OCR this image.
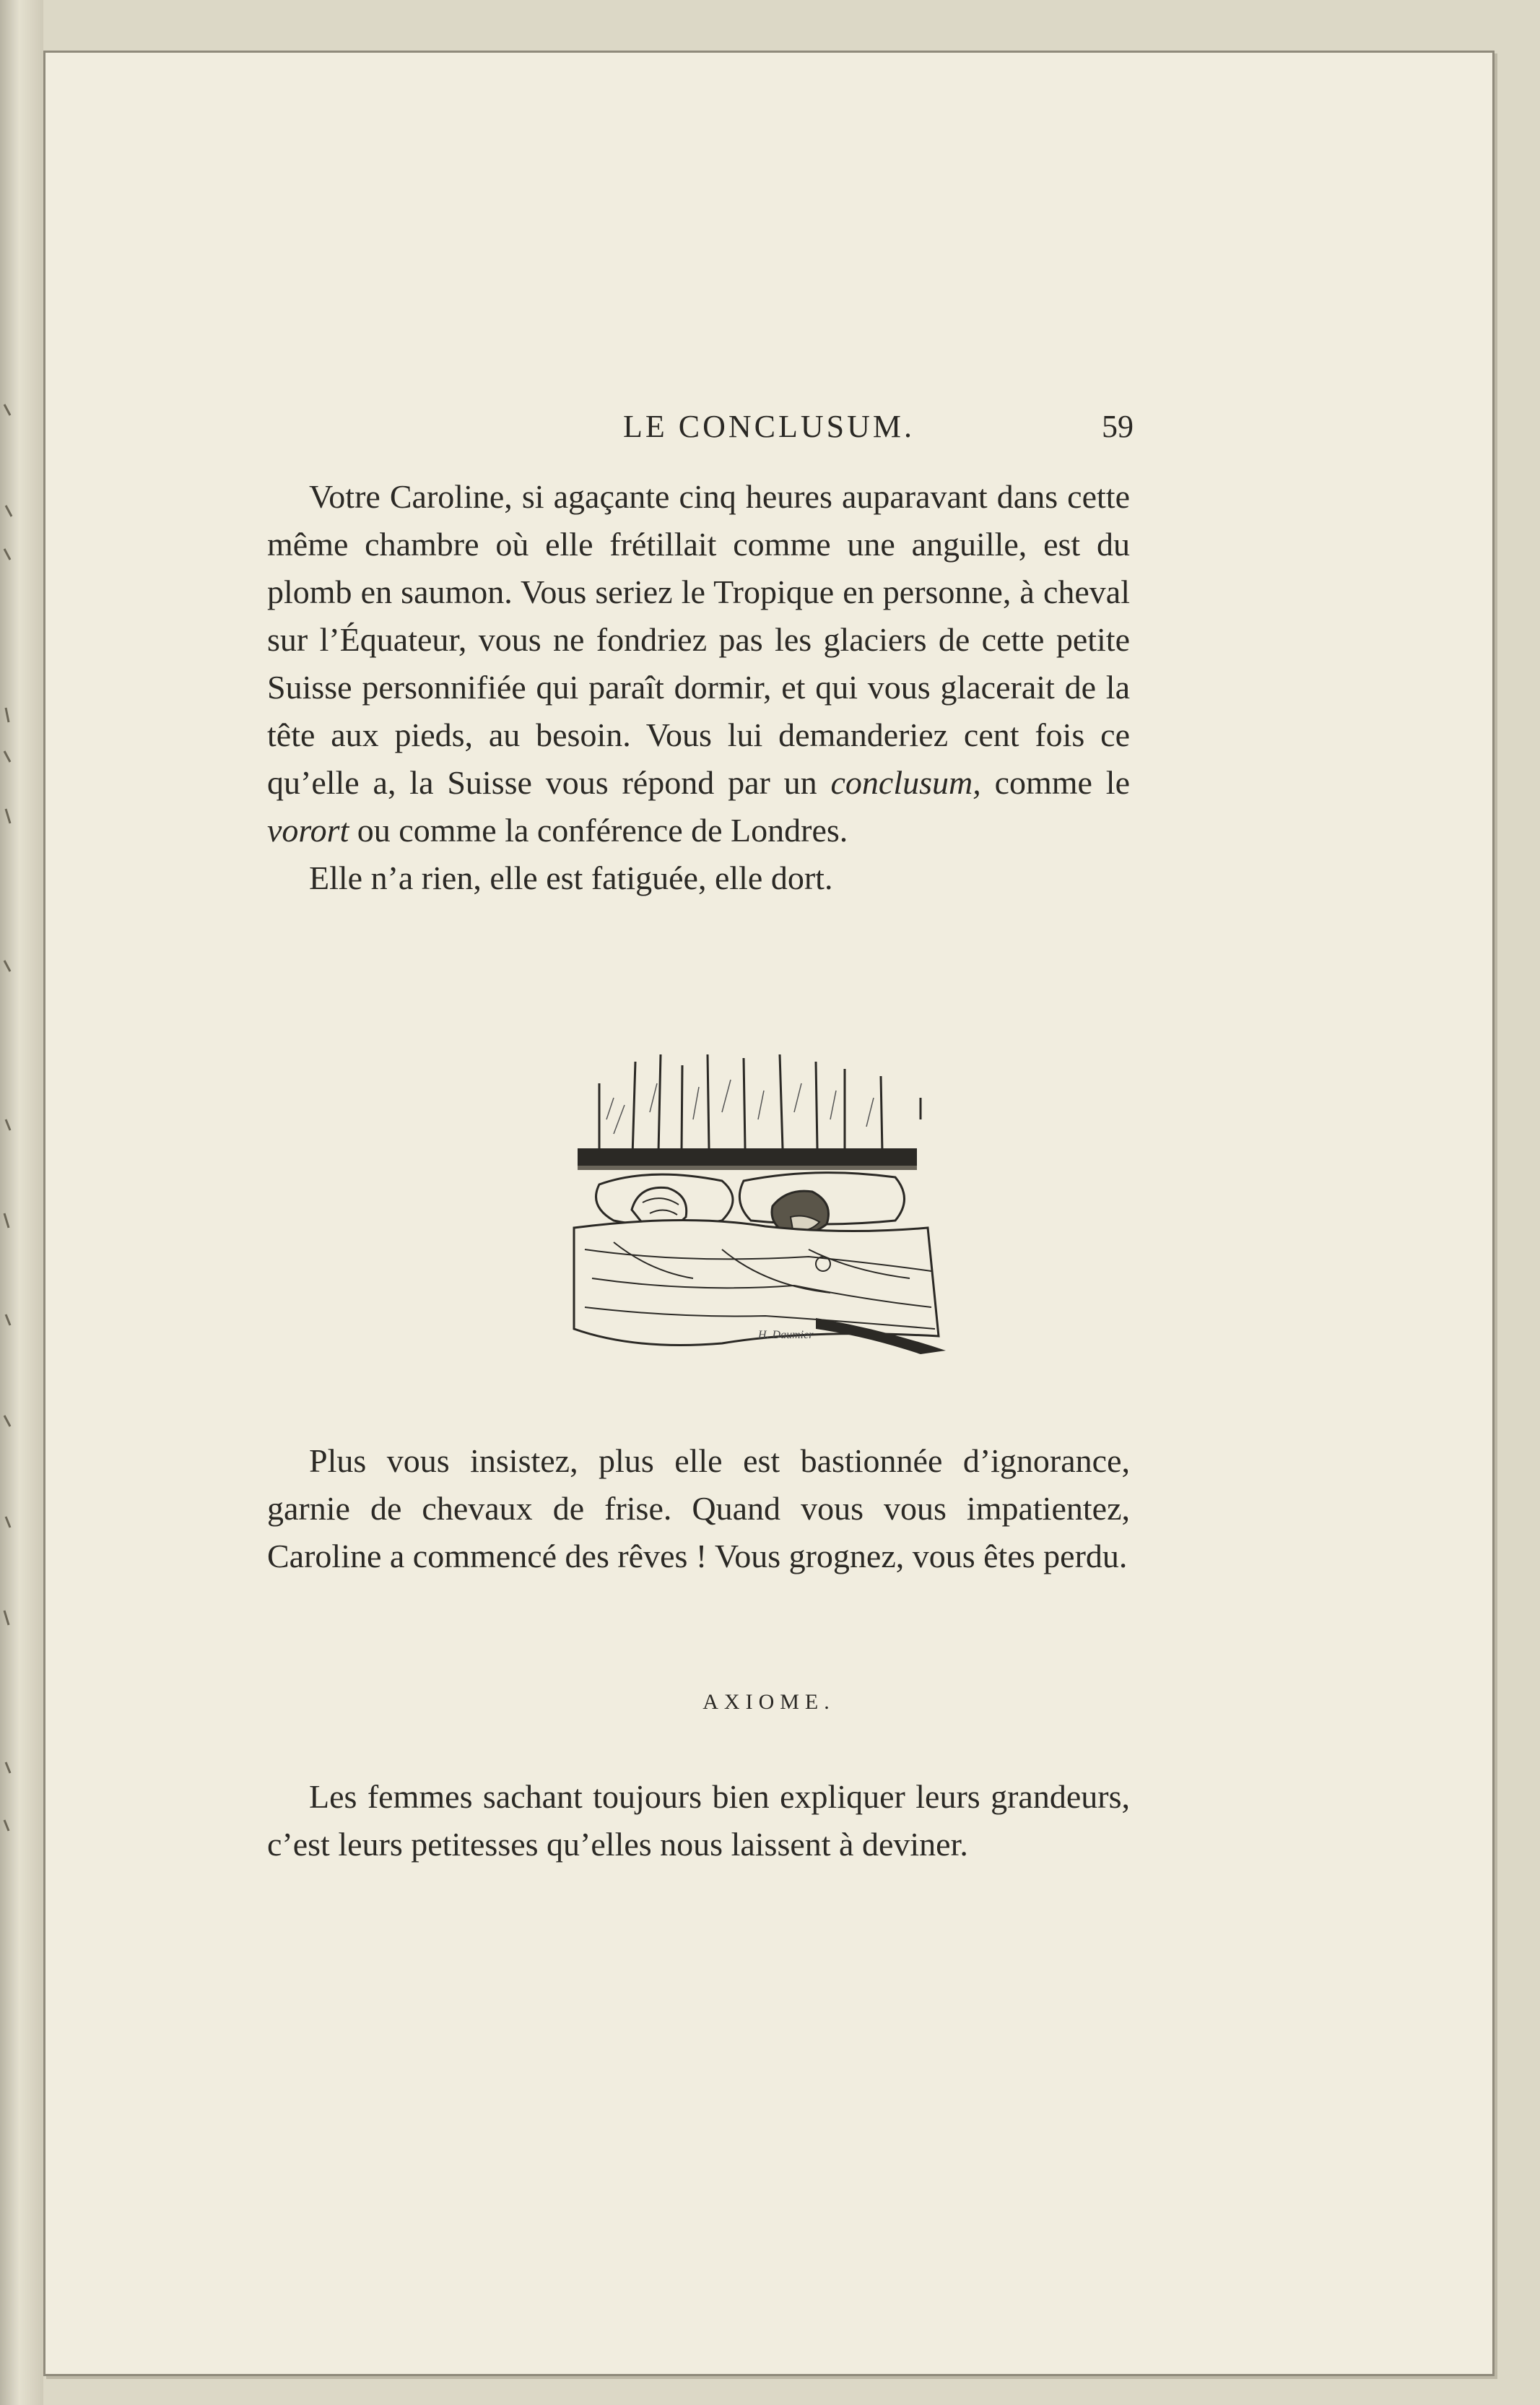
LE CONCLUSUM.	59

Votre Caroline, si agaçante cinq heures auparavant dans cette même chambre où elle frétillait comme une anguille, est du plomb en saumon. Vous seriez le Tropique en personne, à cheval sur l’Équateur, vous ne fondriez pas les glaciers de cette petite Suisse personnifiée qui paraît dormir, et qui vous glacerait de la tête aux pieds, au besoin. Vous lui demanderiez cent fois ce qu’elle a, la Suisse vous répond par un conclusum, comme le vorort ou comme la conférence de Londres.

Elle n’a rien, elle est fatiguée, elle dort.

H. Daumier

Plus vous insistez, plus elle est bastionnée d’ignorance, garnie de chevaux de frise. Quand vous vous impatientez, Caroline a commencé des rêves ! Vous grognez, vous êtes perdu.

AXIOME.

Les femmes sachant toujours bien expliquer leurs grandeurs, c’est leurs petitesses qu’elles nous laissent à deviner.
